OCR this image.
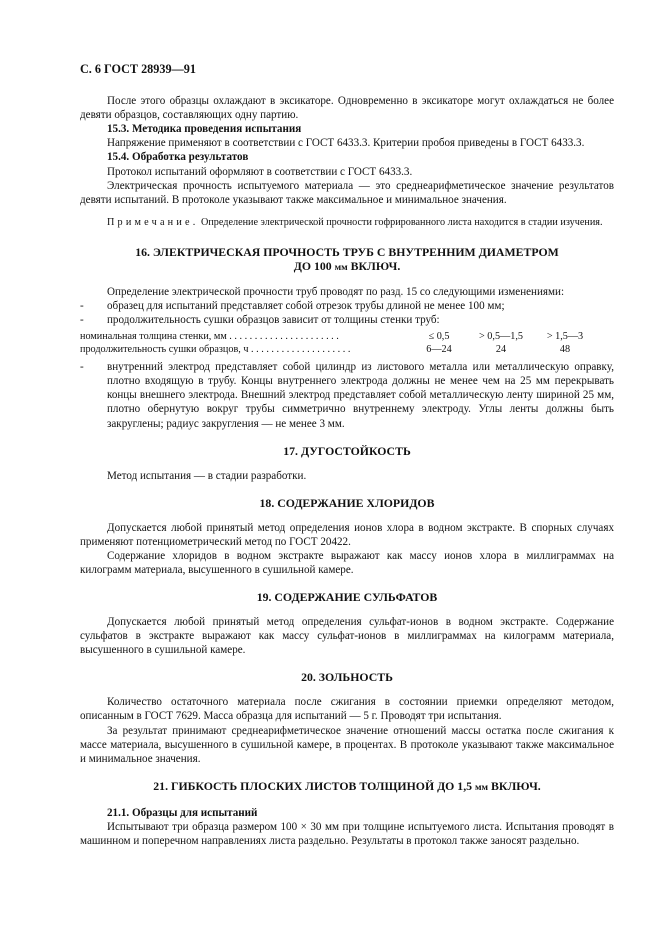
С. 6 ГОСТ 28939—91

После этого образцы охлаждают в эксикаторе. Одновременно в эксикаторе могут охлаждаться не более девяти образцов, составляющих одну партию.

15.3. Методика проведения испытания

Напряжение применяют в соответствии с ГОСТ 6433.3. Критерии пробоя приведены в ГОСТ 6433.3.

15.4. Обработка результатов

Протокол испытаний оформляют в соответствии с ГОСТ 6433.3.

Электрическая прочность испытуемого материала — это среднеарифметическое значение результатов девяти испытаний. В протоколе указывают также максимальное и минимальное значения.

Примечание. Определение электрической прочности гофрированного листа находится в стадии изучения.

16. ЭЛЕКТРИЧЕСКАЯ ПРОЧНОСТЬ ТРУБ С ВНУТРЕННИМ ДИАМЕТРОМ
ДО 100 мм ВКЛЮЧ.

Определение электрической прочности труб проводят по разд. 15 со следующими изменениями:

- образец для испытаний представляет собой отрезок трубы длиной не менее 100 мм;

- продолжительность сушки образцов зависит от толщины стенки труб:

номинальная толщина стенки, мм . . . . . . . . . . . . . . . . . . . . . .	≤ 0,5	> 0,5—1,5	> 1,5—3
продолжительность сушки образцов, ч . . . . . . . . . . . . . . . . . . . .	6—24	24	48

- внутренний электрод представляет собой цилиндр из листового металла или металлическую оправку, плотно входящую в трубу. Концы внутреннего электрода должны не менее чем на 25 мм перекрывать концы внешнего электрода. Внешний электрод представляет собой металлическую ленту шириной 25 мм, плотно обернутую вокруг трубы симметрично внутреннему электроду. Углы ленты должны быть закруглены; радиус закругления — не менее 3 мм.

17. ДУГОСТОЙКОСТЬ

Метод испытания — в стадии разработки.

18. СОДЕРЖАНИЕ ХЛОРИДОВ

Допускается любой принятый метод определения ионов хлора в водном экстракте. В спорных случаях применяют потенциометрический метод по ГОСТ 20422.

Содержание хлоридов в водном экстракте выражают как массу ионов хлора в миллиграммах на килограмм материала, высушенного в сушильной камере.

19. СОДЕРЖАНИЕ СУЛЬФАТОВ

Допускается любой принятый метод определения сульфат-ионов в водном экстракте. Содержание сульфатов в экстракте выражают как массу сульфат-ионов в миллиграммах на килограмм материала, высушенного в сушильной камере.

20. ЗОЛЬНОСТЬ

Количество остаточного материала после сжигания в состоянии приемки определяют методом, описанным в ГОСТ 7629. Масса образца для испытаний — 5 г. Проводят три испытания.

За результат принимают среднеарифметическое значение отношений массы остатка после сжигания к массе материала, высушенного в сушильной камере, в процентах. В протоколе указывают также максимальное и минимальное значения.

21. ГИБКОСТЬ ПЛОСКИХ ЛИСТОВ ТОЛЩИНОЙ ДО 1,5 мм ВКЛЮЧ.

21.1. Образцы для испытаний

Испытывают три образца размером 100 × 30 мм при толщине испытуемого листа. Испытания проводят в машинном и поперечном направлениях листа раздельно. Результаты в протокол также заносят раздельно.
